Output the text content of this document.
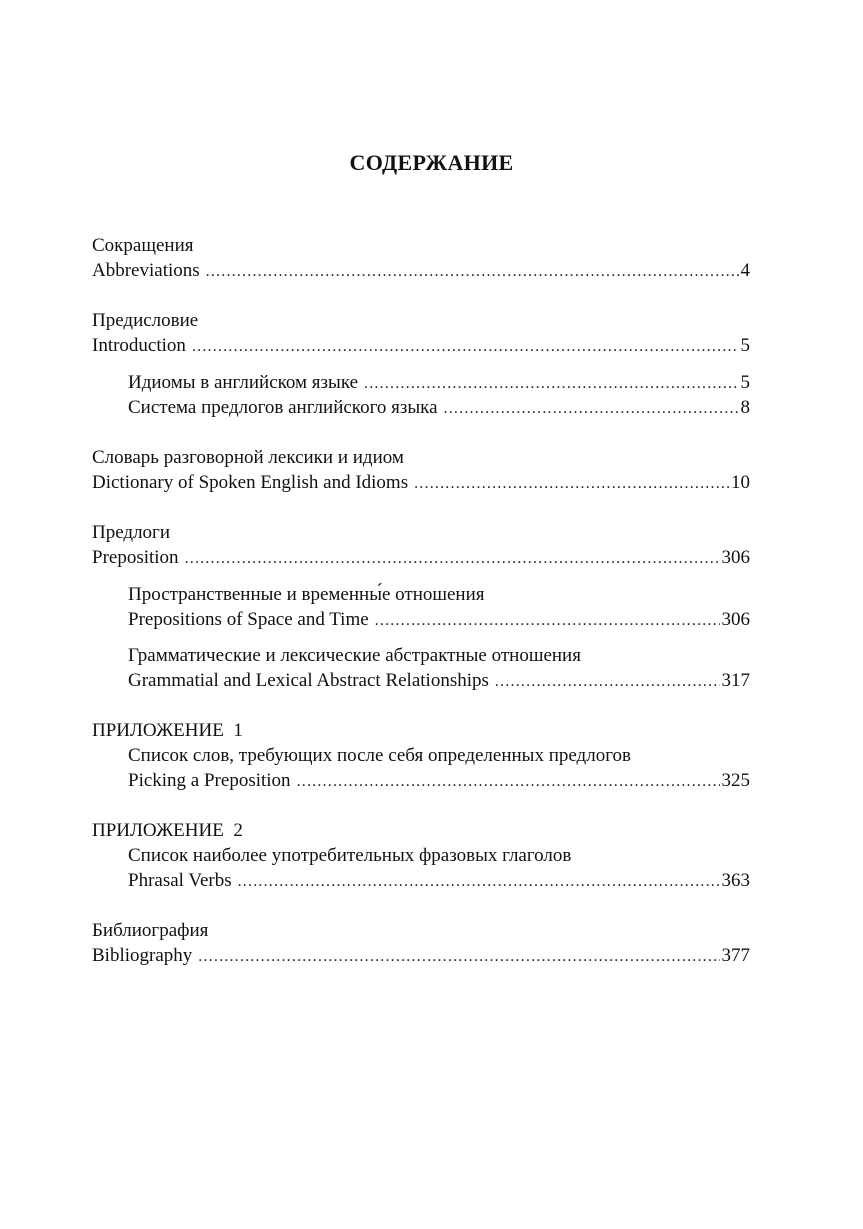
СОДЕРЖАНИЕ
Сокращения
Abbreviations .....	4
Предисловие
Introduction .....	5
Идиомы в английском языке .....	5
Система предлогов английского языка .....	8
Словарь разговорной лексики и идиом
Dictionary of Spoken English and Idioms .....	10
Предлоги
Preposition .....	306
Пространственные и временны́е отношения
Prepositions of Space and Time .....	306
Грамматические и лексические абстрактные отношения
Grammatial and Lexical Abstract Relationships .....	317
ПРИЛОЖЕНИЕ  1
Список слов, требующих после себя определенных предлогов
Picking a Preposition .....	325
ПРИЛОЖЕНИЕ  2
Список наиболее употребительных фразовых глаголов
Phrasal Verbs .....	363
Библиография
Bibliography .....	377
